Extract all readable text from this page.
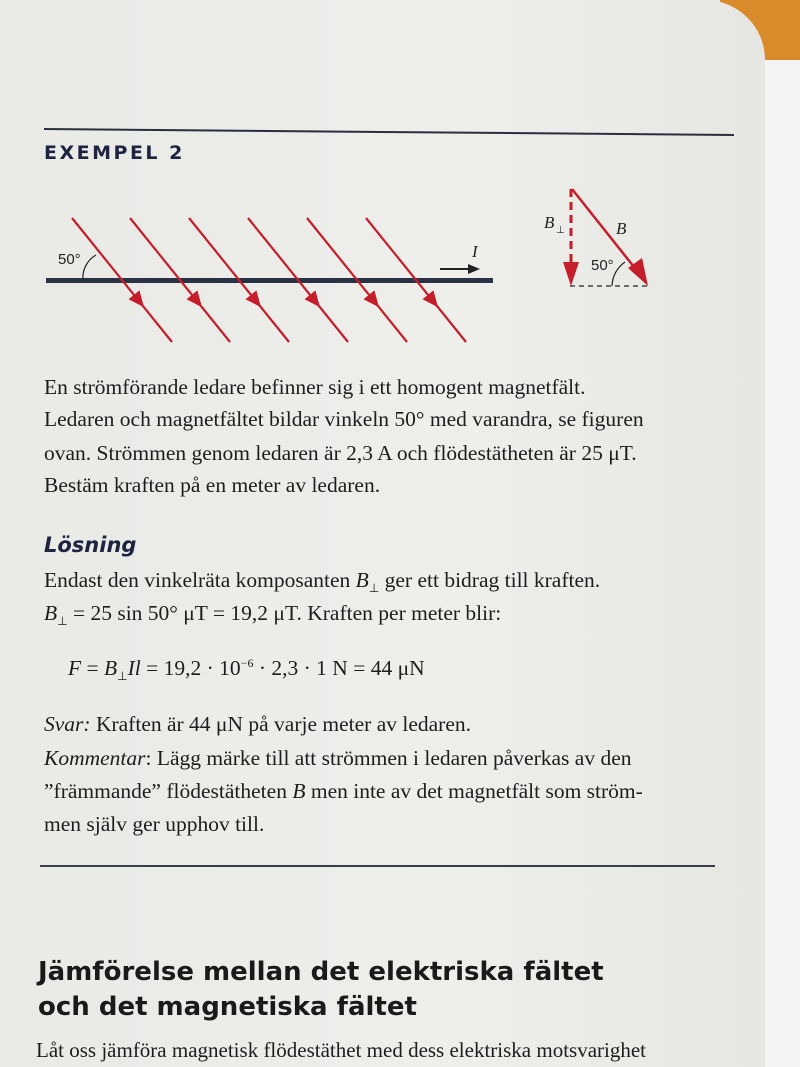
EXEMPEL 2
50°	I
B ⊥	B
50°
En strömförande ledare befinner sig i ett homogent magnetfält.
Ledaren och magnetfältet bildar vinkeln 50° med varandra, se figuren
ovan. Strömmen genom ledaren är 2,3 A och flödestätheten är 25 μT.
Bestäm kraften på en meter av ledaren.
Lösning
Endast den vinkelräta komposanten $B_\perp$ ger ett bidrag till kraften.
$B_\perp = 25$ sin 50° μT = 19,2 μT. Kraften per meter blir:
$F = B_\perp Il = 19,2 \cdot 10^{-6} \cdot 2,3 \cdot 1$ N = 44 μN
Svar: Kraften är 44 μN på varje meter av ledaren.
Kommentar: Lägg märke till att strömmen i ledaren påverkas av den
”främmande” flödestätheten B men inte av det magnetfält som ström-
men själv ger upphov till.
Jämförelse mellan det elektriska fältet
och det magnetiska fältet
Låt oss jämföra magnetisk flödestäthet med dess elektriska motsvarighet
